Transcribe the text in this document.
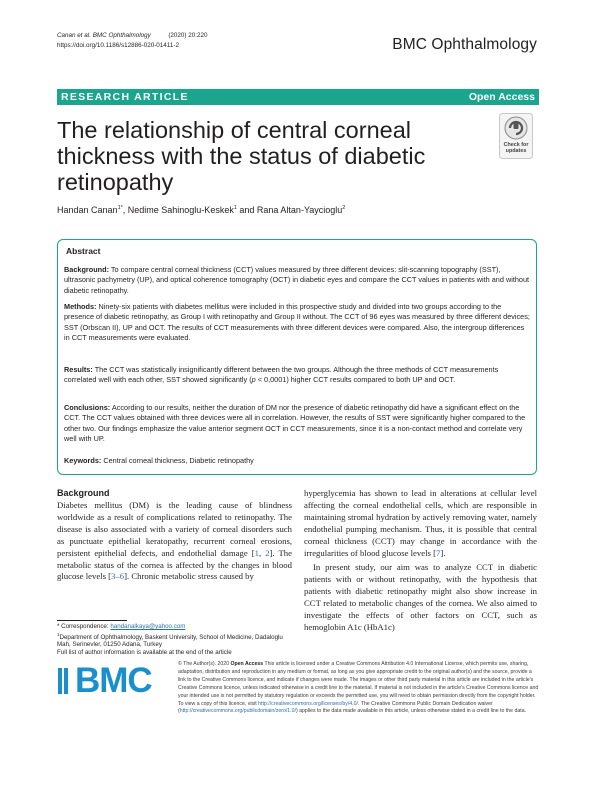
Canan et al. BMC Ophthalmology          (2020) 20:220
https://doi.org/10.1186/s12886-020-01411-2	BMC Ophthalmology
RESEARCH ARTICLE	Open Access
The relationship of central corneal thickness with the status of diabetic retinopathy
Check for
updates
Handan Canan$^{1*}$, Nedime Sahinoglu-Keskek$^1$ and Rana Altan-Yaycioglu$^2$
Abstract
Background: To compare central corneal thickness (CCT) values measured by three different devices: slit-scanning topography (SST), ultrasonic pachymetry (UP), and optical coherence tomography (OCT) in diabetic eyes and compare the CCT values in patients with and without diabetic retinopathy.
Methods: Ninety-six patients with diabetes mellitus were included in this prospective study and divided into two groups according to the presence of diabetic retinopathy, as Group I with retinopathy and Group II without. The CCT of 96 eyes was measured by three different devices; SST (Orbscan II), UP and OCT. The results of CCT measurements with three different devices were compared. Also, the intergroup differences in CCT measurements were evaluated.
Results: The CCT was statistically insignificantly different between the two groups. Although the three methods of CCT measurements correlated well with each other, SST showed significantly (p < 0,0001) higher CCT results compared to both UP and OCT.
Conclusions: According to our results, neither the duration of DM nor the presence of diabetic retinopathy did have a significant effect on the CCT. The CCT values obtained with three devices were all in correlation. However, the results of SST were significantly higher compared to the other two. Our findings emphasize the value anterior segment OCT in CCT measurements, since it is a non-contact method and correlate very well with UP.
Keywords: Central corneal thickness, Diabetic retinopathy
Background

Diabetes mellitus (DM) is the leading cause of blindness worldwide as a result of complications related to retinopathy. The disease is also associated with a variety of corneal disorders such as punctuate epithelial keratopathy, recurrent corneal erosions, persistent epithelial defects, and endothelial damage [1, 2]. The metabolic status of the cornea is affected by the changes in blood glucose levels [3–6]. Chronic metabolic stress caused by

hyperglycemia has shown to lead in alterations at cellular level affecting the corneal endothelial cells, which are responsible in maintaining stromal hydration by actively removing water, namely endothelial pumping mechanism. Thus, it is possible that central corneal thickness (CCT) may change in accordance with the irregularities of blood glucose levels [7].

In present study, our aim was to analyze CCT in diabetic patients with or without retinopathy, with the hypothesis that patients with diabetic retinopathy might also show increase in CCT related to metabolic changes of the cornea. We also aimed to investigate the effects of other factors on CCT, such as hemoglobin A1c (HbA1c)

* Correspondence: handanalkaya@yahoo.com
$^1$Department of Ophthalmology, Baskent University, School of Medicine, Dadaloglu Mah, Serinevler, 01250 Adana, Turkey
Full list of author information is available at the end of the article
BMC	© The Author(s). 2020 Open Access This article is licensed under a Creative Commons Attribution 4.0 International License, which permits use, sharing, adaptation, distribution and reproduction in any medium or format, as long as you give appropriate credit to the original author(s) and the source, provide a link to the Creative Commons licence, and indicate if changes were made. The images or other third party material in this article are included in the article's Creative Commons licence, unless indicated otherwise in a credit line to the material. If material is not included in the article's Creative Commons licence and your intended use is not permitted by statutory regulation or exceeds the permitted use, you will need to obtain permission directly from the copyright holder. To view a copy of this licence, visit http://creativecommons.org/licenses/by/4.0/. The Creative Commons Public Domain Dedication waiver (http://creativecommons.org/publicdomain/zero/1.0/) applies to the data made available in this article, unless otherwise stated in a credit line to the data.
